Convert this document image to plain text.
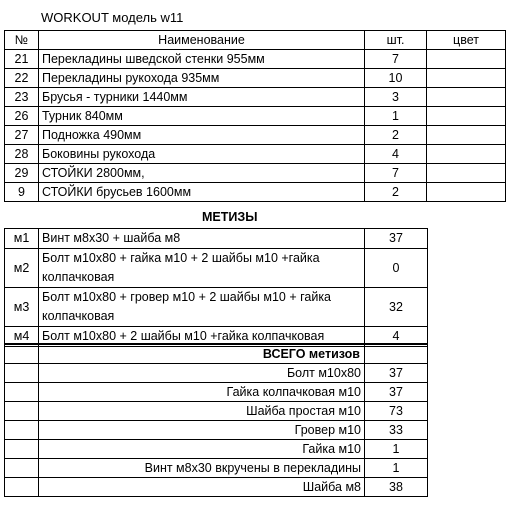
WORKOUT модель w11
№	Наименование	шт.	цвет
21	Перекладины шведской стенки 955мм	7	
22	Перекладины рукохода 935мм	10	
23	Брусья - турники 1440мм	3	
26	Турник 840мм	1	
27	Подножка 490мм	2	
28	Боковины рукохода	4	
29	СТОЙКИ 2800мм,	7	
9	СТОЙКИ брусьев 1600мм	2	
МЕТИЗЫ
м1	Винт м8х30 + шайба м8	37
м2	Болт м10х80 + гайка м10 + 2 шайбы м10 +гайка колпачковая	0
м3	Болт м10х80 + гровер м10 + 2 шайбы м10 + гайка колпачковая	32
м4	Болт м10х80 + 2 шайбы м10 +гайка колпачковая	4
	ВСЕГО метизов	
	Болт м10х80	37
	Гайка колпачковая м10	37
	Шайба простая м10	73
	Гровер м10	33
	Гайка м10	1
	Винт м8х30 вкручены в перекладины	1
	Шайба м8	38
